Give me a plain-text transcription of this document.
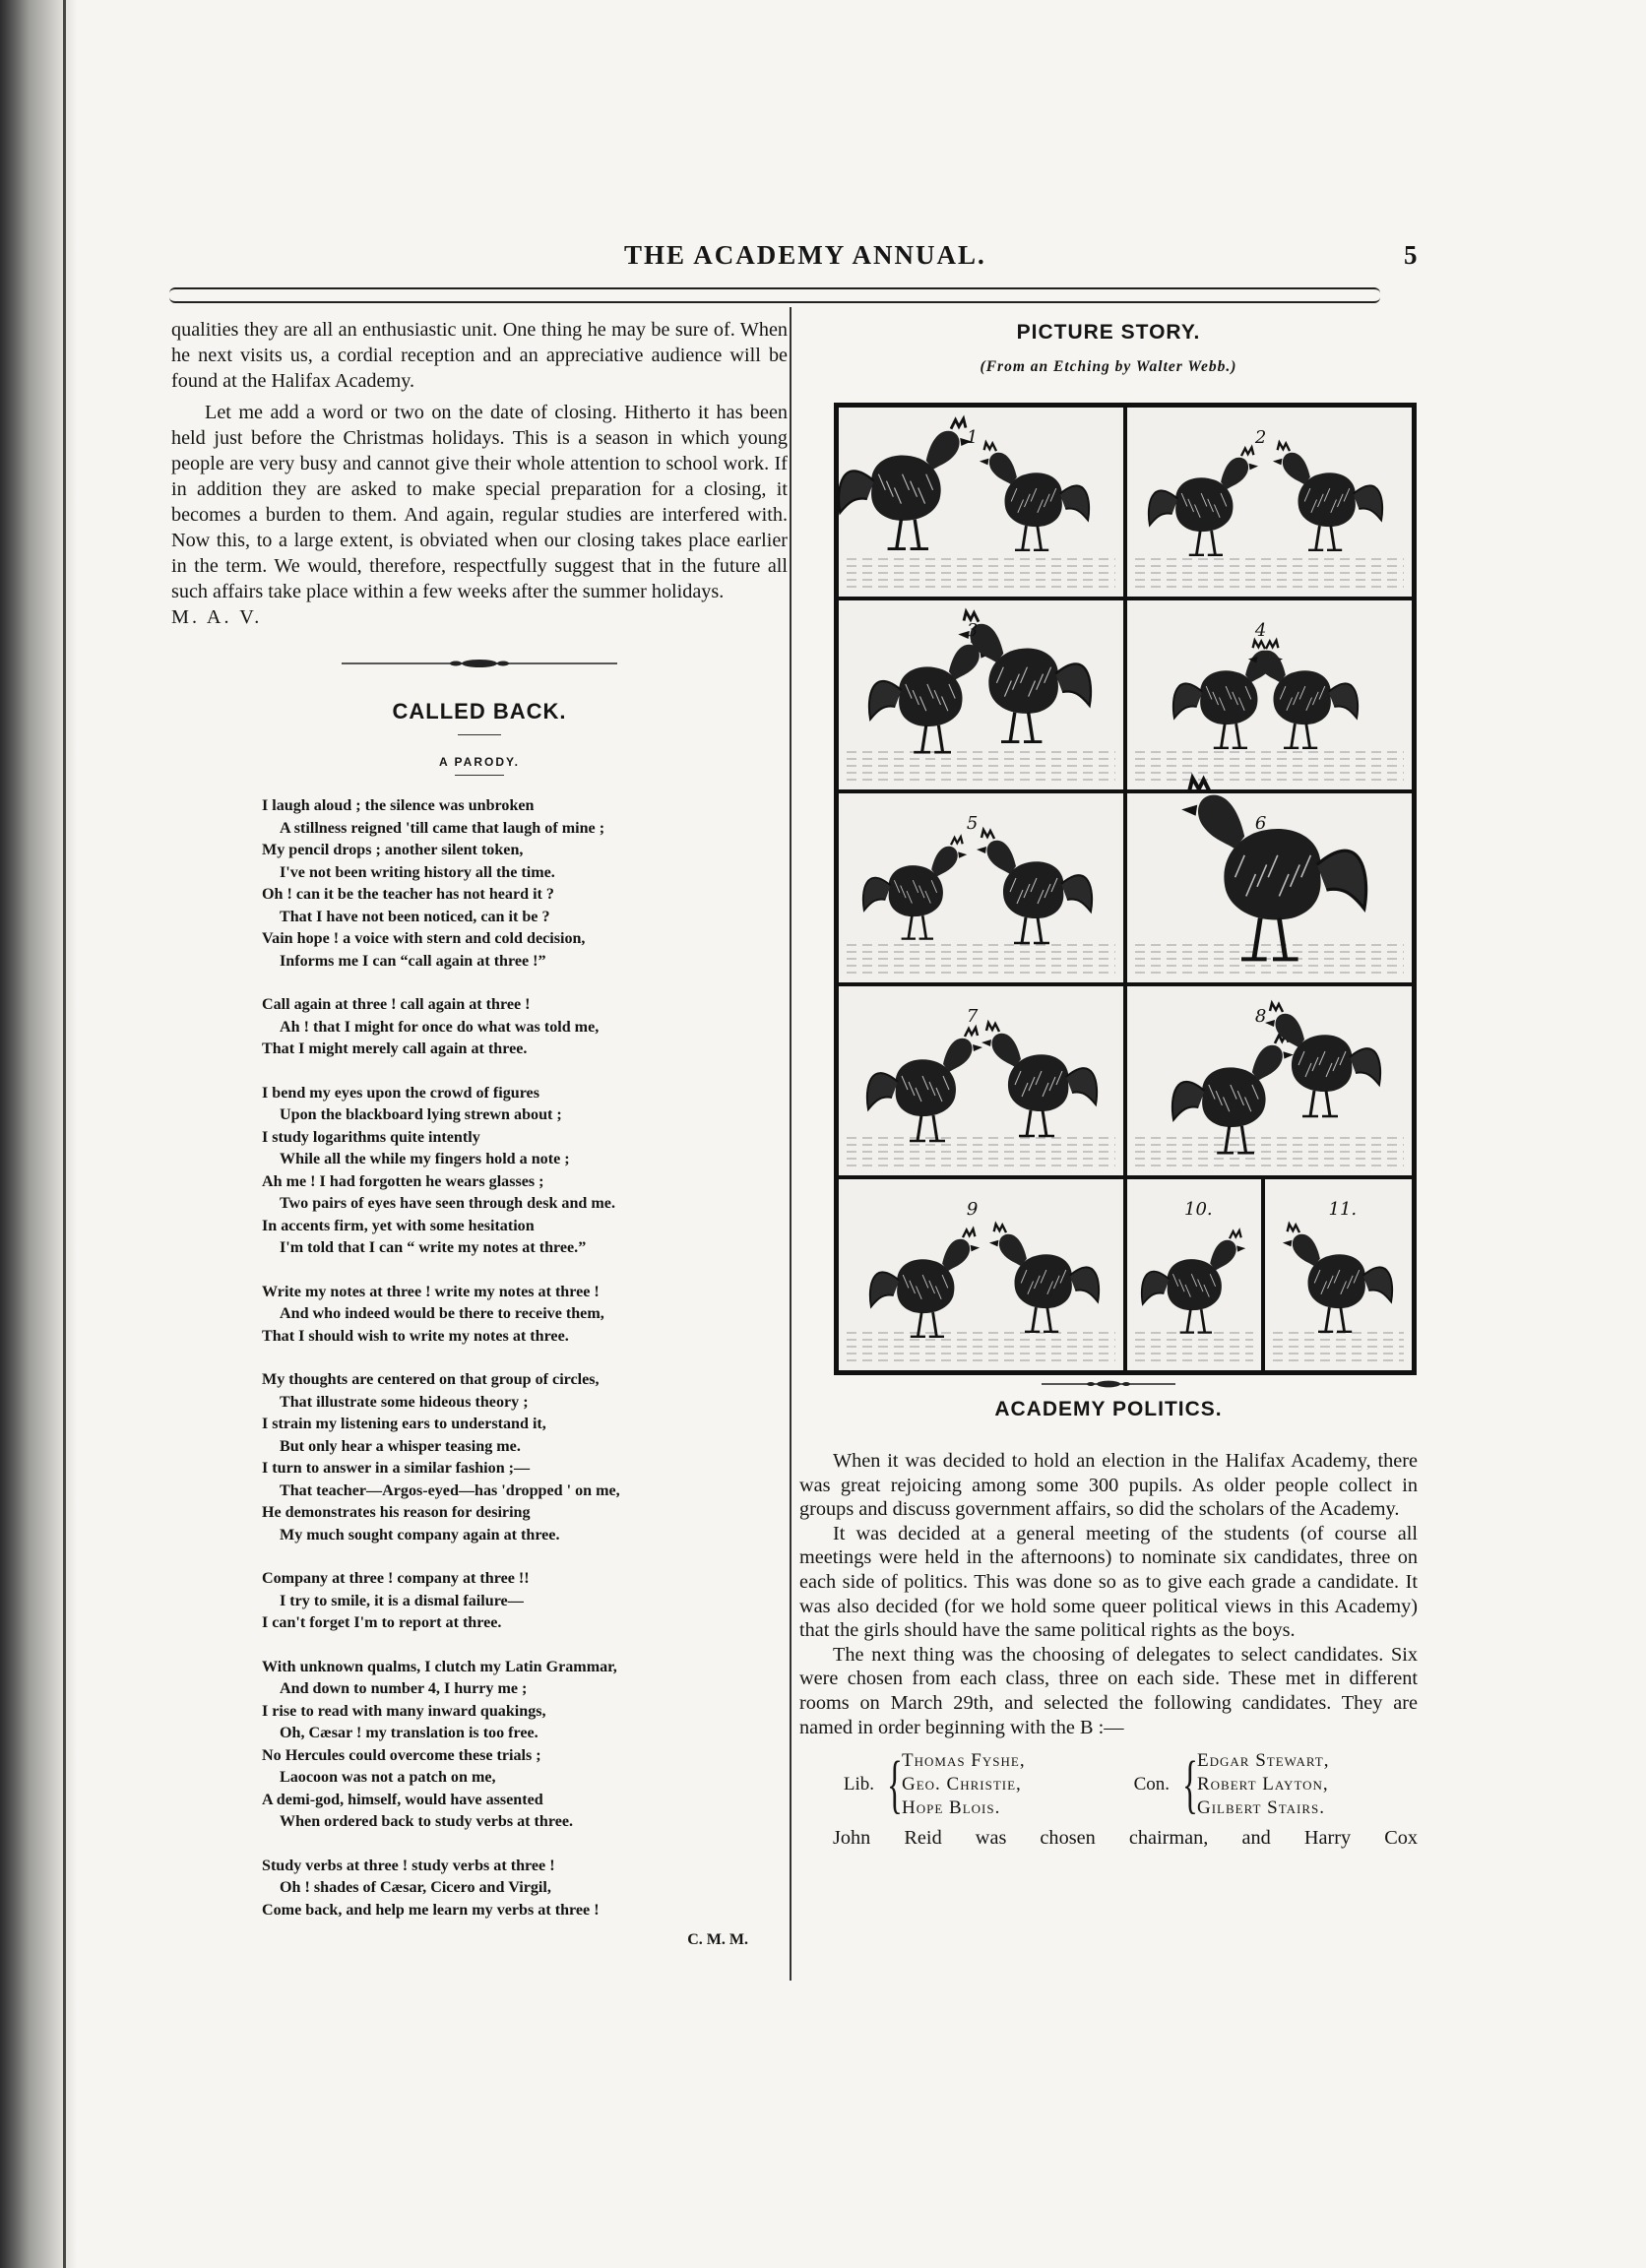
THE ACADEMY ANNUAL.	5

qualities they are all an enthusiastic unit. One thing he may be sure of. When he next visits us, a cordial reception and an appreciative audience will be found at the Halifax Academy.

Let me add a word or two on the date of closing. Hitherto it has been held just before the Christmas holidays. This is a season in which young people are very busy and cannot give their whole attention to school work. If in addition they are asked to make special preparation for a closing, it becomes a burden to them. And again, regular studies are interfered with. Now this, to a large extent, is obviated when our closing takes place earlier in the term. We would, therefore, respectfully suggest that in the future all such affairs take place within a few weeks after the summer holidays.

M. A. V.

CALLED BACK.
A PARODY.
I laugh aloud ; the silence was unbroken
A stillness reigned 'till came that laugh of mine ;
My pencil drops ; another silent token,
I've not been writing history all the time.
Oh ! can it be the teacher has not heard it ?
That I have not been noticed, can it be ?
Vain hope ! a voice with stern and cold decision,
Informs me I can “call again at three !”
Call again at three ! call again at three !
Ah ! that I might for once do what was told me,
That I might merely call again at three.
I bend my eyes upon the crowd of figures
Upon the blackboard lying strewn about ;
I study logarithms quite intently
While all the while my fingers hold a note ;
Ah me ! I had forgotten he wears glasses ;
Two pairs of eyes have seen through desk and me.
In accents firm, yet with some hesitation
I'm told that I can “ write my notes at three.”
Write my notes at three ! write my notes at three !
And who indeed would be there to receive them,
That I should wish to write my notes at three.
My thoughts are centered on that group of circles,
That illustrate some hideous theory ;
I strain my listening ears to understand it,
But only hear a whisper teasing me.
I turn to answer in a similar fashion ;—
That teacher—Argos-eyed—has 'dropped ' on me,
He demonstrates his reason for desiring
My much sought company again at three.
Company at three ! company at three !!
I try to smile, it is a dismal failure—
I can't forget I'm to report at three.
With unknown qualms, I clutch my Latin Grammar,
And down to number 4, I hurry me ;
I rise to read with many inward quakings,
Oh, Cæsar ! my translation is too free.
No Hercules could overcome these trials ;
Laocoon was not a patch on me,
A demi-god, himself, would have assented
When ordered back to study verbs at three.
Study verbs at three ! study verbs at three !
Oh ! shades of Cæsar, Cicero and Virgil,
Come back, and help me learn my verbs at three !
C. M. M.
PICTURE STORY.
(From an Etching by Walter Webb.)
1	2
3	4
5	6
7	8
9	10.	11.
ACADEMY POLITICS.

When it was decided to hold an election in the Halifax Academy, there was great rejoicing among some 300 pupils. As older people collect in groups and discuss government affairs, so did the scholars of the Academy.

It was decided at a general meeting of the students (of course all meetings were held in the afternoons) to nominate six candidates, three on each side of politics. This was done so as to give each grade a candidate. It was also decided (for we hold some queer political views in this Academy) that the girls should have the same political rights as the boys.

The next thing was the choosing of delegates to select candidates. Six were chosen from each class, three on each side. These met in different rooms on March 29th, and selected the following candidates. They are named in order beginning with the B :—

Lib. { Thomas Fyshe,
Geo. Christie,
Hope Blois.
Con. { Edgar Stewart,
Robert Layton,
Gilbert Stairs.
John Reid was chosen chairman, and Harry Cox
